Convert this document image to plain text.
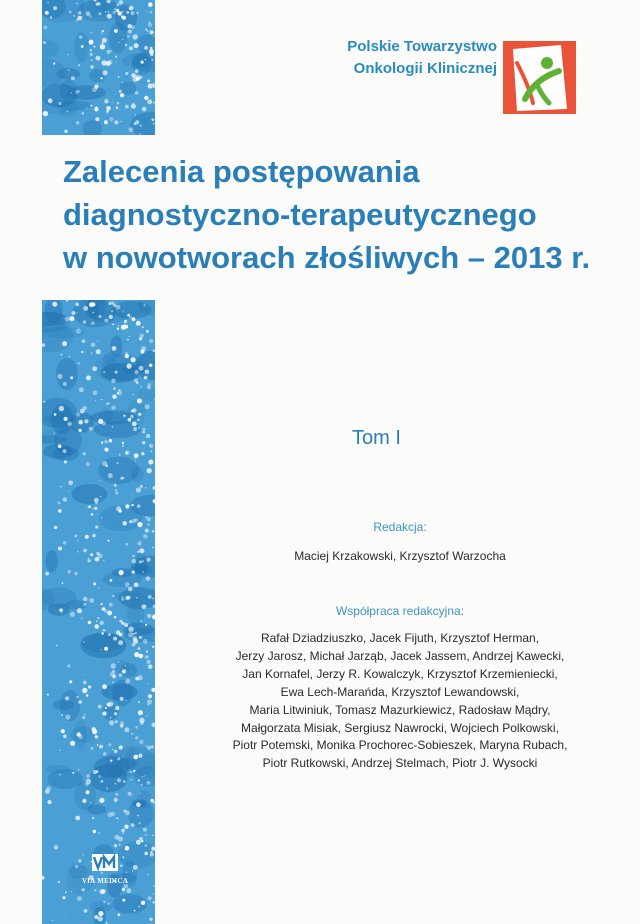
Polskie Towarzystwo
Onkologii Klinicznej
Zalecenia postępowania
diagnostyczno-terapeutycznego
w nowotworach złośliwych – 2013 r.
Tom I
Redakcja:
Maciej Krzakowski, Krzysztof Warzocha
Współpraca redakcyjna:
Rafał Dziadziuszko, Jacek Fijuth, Krzysztof Herman,
Jerzy Jarosz, Michał Jarząb, Jacek Jassem, Andrzej Kawecki,
Jan Kornafel, Jerzy R. Kowalczyk, Krzysztof Krzemieniecki,
Ewa Lech-Marańda, Krzysztof Lewandowski,
Maria Litwiniuk, Tomasz Mazurkiewicz, Radosław Mądry,
Małgorzata Misiak, Sergiusz Nawrocki, Wojciech Polkowski,
Piotr Potemski, Monika Prochorec-Sobieszek, Maryna Rubach,
Piotr Rutkowski, Andrzej Stelmach, Piotr J. Wysocki
VIA MEDICA
